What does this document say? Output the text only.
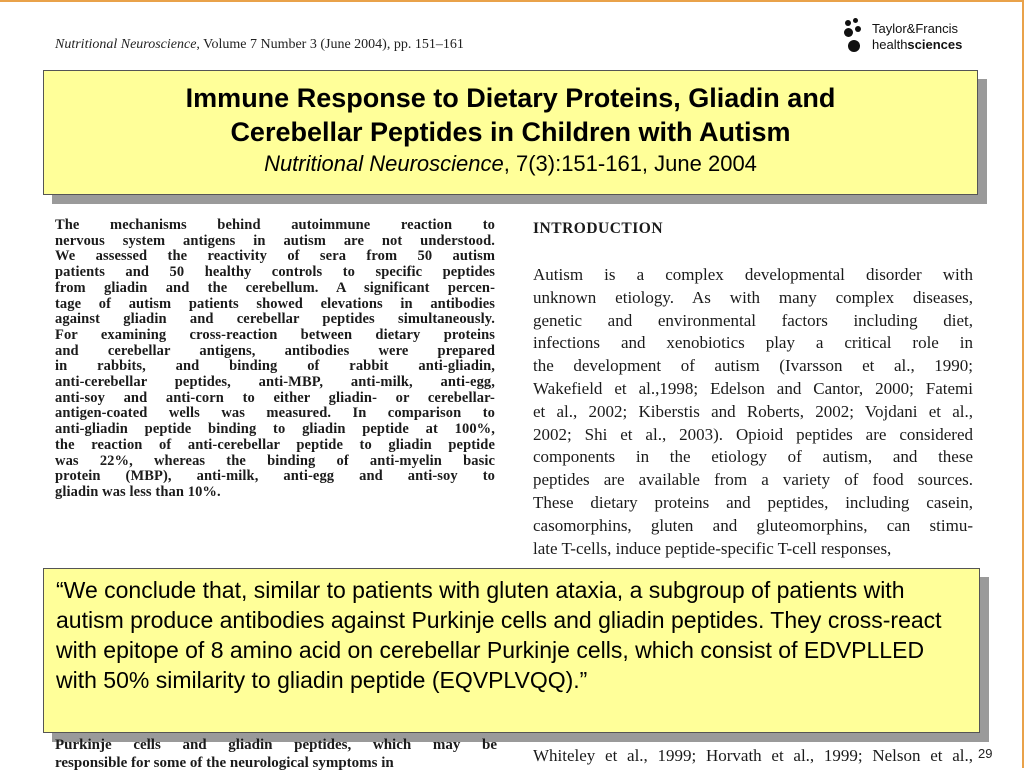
Nutritional Neuroscience, Volume 7 Number 3 (June 2004), pp. 151–161
Taylor&Francis
healthsciences
Immune Response to Dietary Proteins, Gliadin and
Cerebellar Peptides in Children with Autism
Nutritional Neuroscience, 7(3):151-161, June 2004
The mechanisms behind autoimmune reaction to
nervous system antigens in autism are not understood.
We assessed the reactivity of sera from 50 autism
patients and 50 healthy controls to specific peptides
from gliadin and the cerebellum. A significant percen-
tage of autism patients showed elevations in antibodies
against gliadin and cerebellar peptides simultaneously.
For examining cross-reaction between dietary proteins
and cerebellar antigens, antibodies were prepared
in rabbits, and binding of rabbit anti-gliadin,
anti-cerebellar peptides, anti-MBP, anti-milk, anti-egg,
anti-soy and anti-corn to either gliadin- or cerebellar-
antigen-coated wells was measured. In comparison to
anti-gliadin peptide binding to gliadin peptide at 100%,
the reaction of anti-cerebellar peptide to gliadin peptide
was 22%, whereas the binding of anti-myelin basic
protein (MBP), anti-milk, anti-egg and anti-soy to
gliadin was less than 10%.
INTRODUCTION
Autism is a complex developmental disorder with
unknown etiology. As with many complex diseases,
genetic and environmental factors including diet,
infections and xenobiotics play a critical role in
the development of autism (Ivarsson et al., 1990;
Wakefield et al.,1998; Edelson and Cantor, 2000; Fatemi
et al., 2002; Kiberstis and Roberts, 2002; Vojdani et al.,
2002; Shi et al., 2003). Opioid peptides are considered
components in the etiology of autism, and these
peptides are available from a variety of food sources.
These dietary proteins and peptides, including casein,
casomorphins, gluten and gluteomorphins, can stimu-
late T-cells, induce peptide-specific T-cell responses,
“We conclude that, similar to patients with gluten ataxia, a subgroup of patients with autism produce antibodies against Purkinje cells and gliadin peptides. They cross-react with epitope of 8 amino acid on cerebellar Purkinje cells, which consist of EDVPLLED with 50% similarity to gliadin peptide (EQVPLVQQ).”
Purkinje cells and gliadin peptides, which may be
responsible for some of the neurological symptoms in	Whiteley et al., 1999; Horvath et al., 1999; Nelson et al., 29
